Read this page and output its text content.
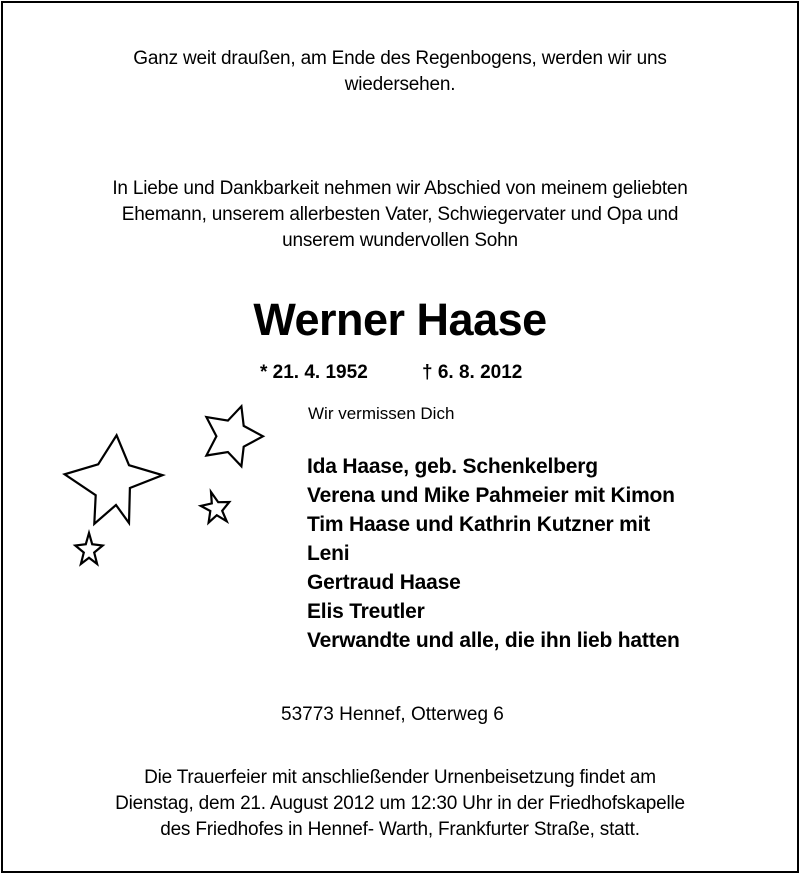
Ganz weit draußen, am Ende des Regenbogens, werden wir uns
wiedersehen.
In Liebe und Dankbarkeit nehmen wir Abschied von meinem geliebten
Ehemann, unserem allerbesten Vater, Schwiegervater und Opa und
unserem wundervollen Sohn
Werner Haase
* 21. 4. 1952	† 6. 8. 2012
Wir vermissen Dich
Ida Haase, geb. Schenkelberg
Verena und Mike Pahmeier mit Kimon
Tim Haase und Kathrin Kutzner mit
Leni
Gertraud Haase
Elis Treutler
Verwandte und alle, die ihn lieb hatten
53773 Hennef, Otterweg 6
Die Trauerfeier mit anschließender Urnenbeisetzung findet am
Dienstag, dem 21. August 2012 um 12:30 Uhr in der Friedhofskapelle
des Friedhofes in Hennef- Warth, Frankfurter Straße, statt.
